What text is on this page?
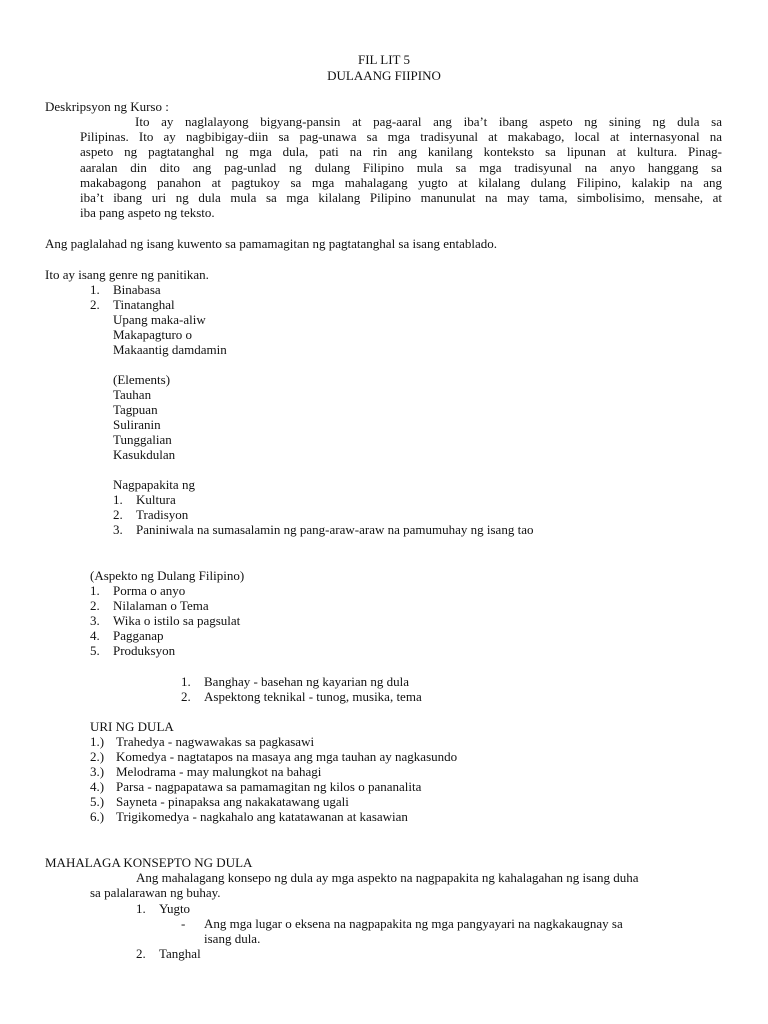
FIL LIT 5
DULAANG FIIPINO
Deskripsyon ng Kurso :
Ito ay naglalayong bigyang-pansin at pag-aaral ang iba’t ibang aspeto ng sining ng dula sa
Pilipinas. Ito ay nagbibigay-diin sa pag-unawa sa mga tradisyunal at makabago, local at internasyonal na
aspeto ng pagtatanghal ng mga dula, pati na rin ang kanilang konteksto sa lipunan at kultura. Pinag-
aaralan din dito ang pag-unlad ng dulang Filipino mula sa mga tradisyunal na anyo hanggang sa
makabagong panahon at pagtukoy sa mga mahalagang yugto at kilalang dulang Filipino, kalakip na ang
iba’t ibang uri ng dula mula sa mga kilalang Pilipino manunulat na may tama, simbolisimo, mensahe, at
iba pang aspeto ng teksto.
Ang paglalahad ng isang kuwento sa pamamagitan ng pagtatanghal sa isang entablado.
Ito ay isang genre ng panitikan.
1. Binabasa
2. Tinatanghal
Upang maka-aliw
Makapagturo o
Makaantig damdamin
(Elements)
Tauhan
Tagpuan
Suliranin
Tunggalian
Kasukdulan
Nagpapakita ng
1. Kultura
2. Tradisyon
3. Paniniwala na sumasalamin ng pang-araw-araw na pamumuhay ng isang tao
(Aspekto ng Dulang Filipino)
1. Porma o anyo
2. Nilalaman o Tema
3. Wika o istilo sa pagsulat
4. Pagganap
5. Produksyon
1. Banghay - basehan ng kayarian ng dula
2. Aspektong teknikal - tunog, musika, tema
URI NG DULA
1.) Trahedya - nagwawakas sa pagkasawi
2.) Komedya - nagtatapos na masaya ang mga tauhan ay nagkasundo
3.) Melodrama - may malungkot na bahagi
4.) Parsa - nagpapatawa sa pamamagitan ng kilos o pananalita
5.) Sayneta - pinapaksa ang nakakatawang ugali
6.) Trigikomedya - nagkahalo ang katatawanan at kasawian
MAHALAGA KONSEPTO NG DULA
Ang mahalagang konsepo ng dula ay mga aspekto na nagpapakita ng kahalagahan ng isang duha
sa palalarawan ng buhay.
1. Yugto
- Ang mga lugar o eksena na nagpapakita ng mga pangyayari na nagkakaugnay sa
isang dula.
2. Tanghal
